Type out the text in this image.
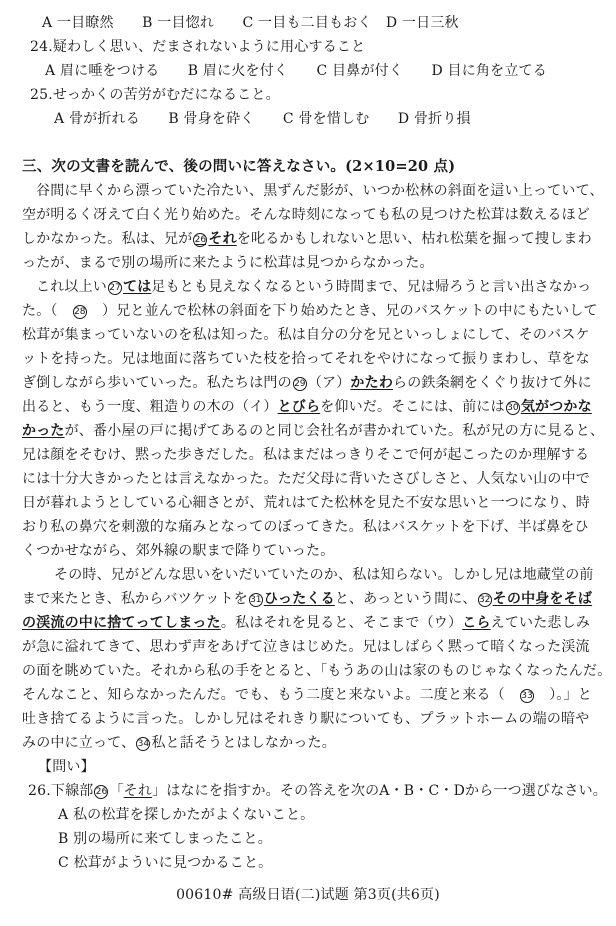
A 一目瞭然　　B 一目惚れ　　C 一目も二目もおく　D 一日三秋
24.疑わしく思い、だまされないように用心すること
A 眉に唾をつける　　B 眉に火を付く　　C 目鼻が付く　　D 目に角を立てる
25.せっかくの苦労がむだになること。
A 骨が折れる　　B 骨身を砕く　　C 骨を惜しむ　　D 骨折り損
三、次の文書を読んで、後の問いに答えなさい。(2×10=20 点)
谷間に早くから漂っていた冷たい、黒ずんだ影が、いつか松林の斜面を這い上っていて、
空が明るく冴えて白く光り始めた。そんな時刻になっても私の見つけた松茸は数えるほど
しかなかった。私は、兄が 26 それを叱るかもしれないと思い、枯れ松葉を掘って捜しまわ
ったが、まるで別の場所に来たように松茸は見つからなかった。
これ以上い 27 ては足もとも見えなくなるという時間まで、兄は帰ろうと言い出さなかっ
た。（　28　）兄と並んで松林の斜面を下り始めたとき、兄のバスケットの中にもたいして
松茸が集まっていないのを私は知った。私は自分の分を兄といっしょにして、そのバスケ
ットを持った。兄は地面に落ちていた枝を拾ってそれをやけになって振りまわし、草をな
ぎ倒しながら歩いていった。私たちは門の 29 （ア）かたわらの鉄条網をくぐり抜けて外に
出ると、もう一度、粗造りの木の（イ）とびらを仰いだ。そこには、前には 30 気がつかな
かったが、番小屋の戸に掲げてあるのと同じ会社名が書かれていた。私が兄の方に見ると、
兄は顔をそむけ、黙った歩きだした。私はまだはっきりそこで何が起こったのか理解する
には十分大きかったとは言えなかった。ただ父母に背いたさびしさと、人気ない山の中で
日が暮れようとしている心細さとが、荒れはてた松林を見た不安な思いと一つになり、時
おり私の鼻穴を刺激的な痛みとなってのぼってきた。私はバスケットを下げ、半ば鼻をひ
くつかせながら、郊外線の駅まで降りていった。
その時、兄がどんな思いをいだいていたのか、私は知らない。しかし兄は地蔵堂の前
まで来たとき、私からバツケットを 31 ひったくると、あっという間に、 32 その中身をそば
の渓流の中に捨てってしまった。私はそれを見ると、そこまで（ウ）こらえていた悲しみ
が急に溢れてきて、思わず声をあげて泣きはじめた。兄はしばらく黙って暗くなった渓流
の面を眺めていた。それから私の手をとると、「もうあの山は家のものじゃなくなったんだ。
そんなこと、知らなかったんだ。でも、もう二度と来ないよ。二度と来る（　33　）。」と
吐き捨てるように言った。しかし兄はそれきり駅についても、プラットホームの端の暗や
みの中に立って、 34 私と話そうとはしなかった。
【問い】
26.下線部 26 「それ」はなにを指すか。その答えを次のA・B・C・Dから一つ選びなさい。
A 私の松茸を探しかたがよくないこと。
B 別の場所に来てしまったこと。
C 松茸がよういに見つかること。
00610# 高级日语(二)试题 第3页(共6页)
